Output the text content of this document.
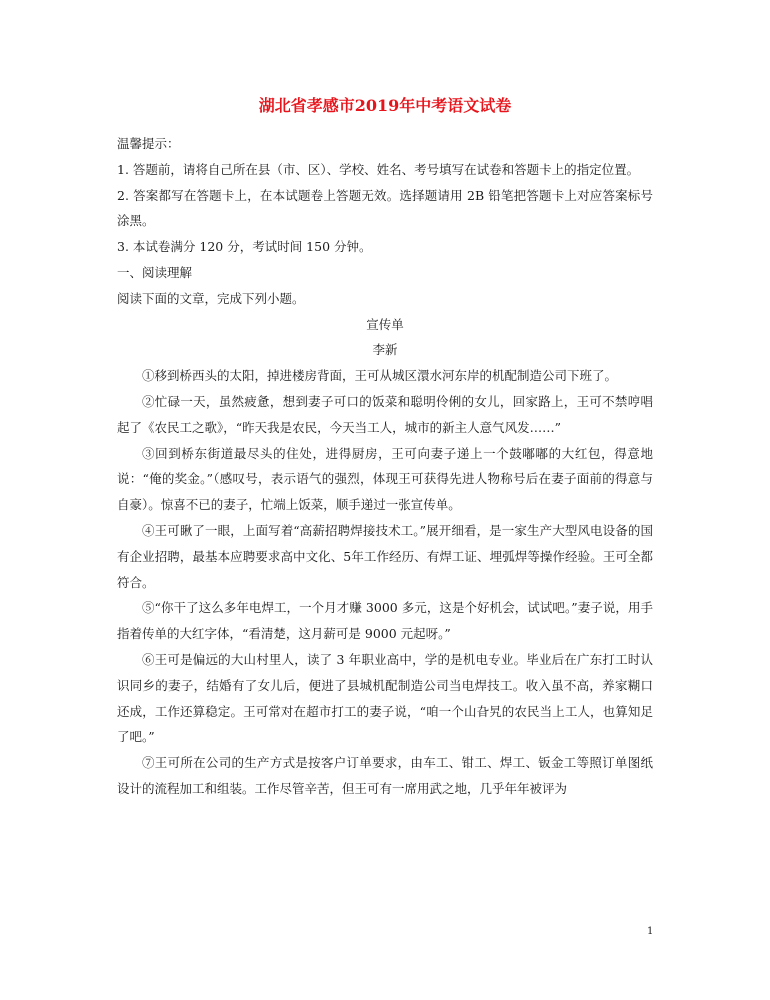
湖北省孝感市2019年中考语文试卷

温馨提示：

1. 答题前，请将自己所在县（市、区）、学校、姓名、考号填写在试卷和答题卡上的指定位置。

2. 答案都写在答题卡上，在本试题卷上答题无效。选择题请用 2B 铅笔把答题卡上对应答案标号涂黑。

3. 本试卷满分 120 分，考试时间 150 分钟。

一、阅读理解

阅读下面的文章，完成下列小题。

宣传单

李新

①移到桥西头的太阳，掉进楼房背面，王可从城区澴水河东岸的机配制造公司下班了。

②忙碌一天，虽然疲惫，想到妻子可口的饭菜和聪明伶俐的女儿，回家路上，王可不禁哼唱起了《农民工之歌》，“昨天我是农民，今天当工人，城市的新主人意气风发……”

③回到桥东街道最尽头的住处，进得厨房，王可向妻子递上一个鼓嘟嘟的大红包，得意地说：“俺的奖金。”（感叹号，表示语气的强烈，体现王可获得先进人物称号后在妻子面前的得意与自豪）。惊喜不已的妻子，忙端上饭菜，顺手递过一张宣传单。

④王可瞅了一眼，上面写着“高薪招聘焊接技术工。”展开细看，是一家生产大型风电设备的国有企业招聘，最基本应聘要求高中文化、5年工作经历、有焊工证、埋弧焊等操作经验。王可全都符合。

⑤“你干了这么多年电焊工，一个月才赚 3000 多元，这是个好机会，试试吧。”妻子说，用手指着传单的大红字体，“看清楚，这月薪可是 9000 元起呀。”

⑥王可是偏远的大山村里人，读了 3 年职业高中，学的是机电专业。毕业后在广东打工时认识同乡的妻子，结婚有了女儿后，便进了县城机配制造公司当电焊技工。收入虽不高，养家糊口还成，工作还算稳定。王可常对在超市打工的妻子说，“咱一个山旮旯的农民当上工人，也算知足了吧。”

⑦王可所在公司的生产方式是按客户订单要求，由车工、钳工、焊工、钣金工等照订单图纸设计的流程加工和组装。工作尽管辛苦，但王可有一席用武之地，几乎年年被评为

1
